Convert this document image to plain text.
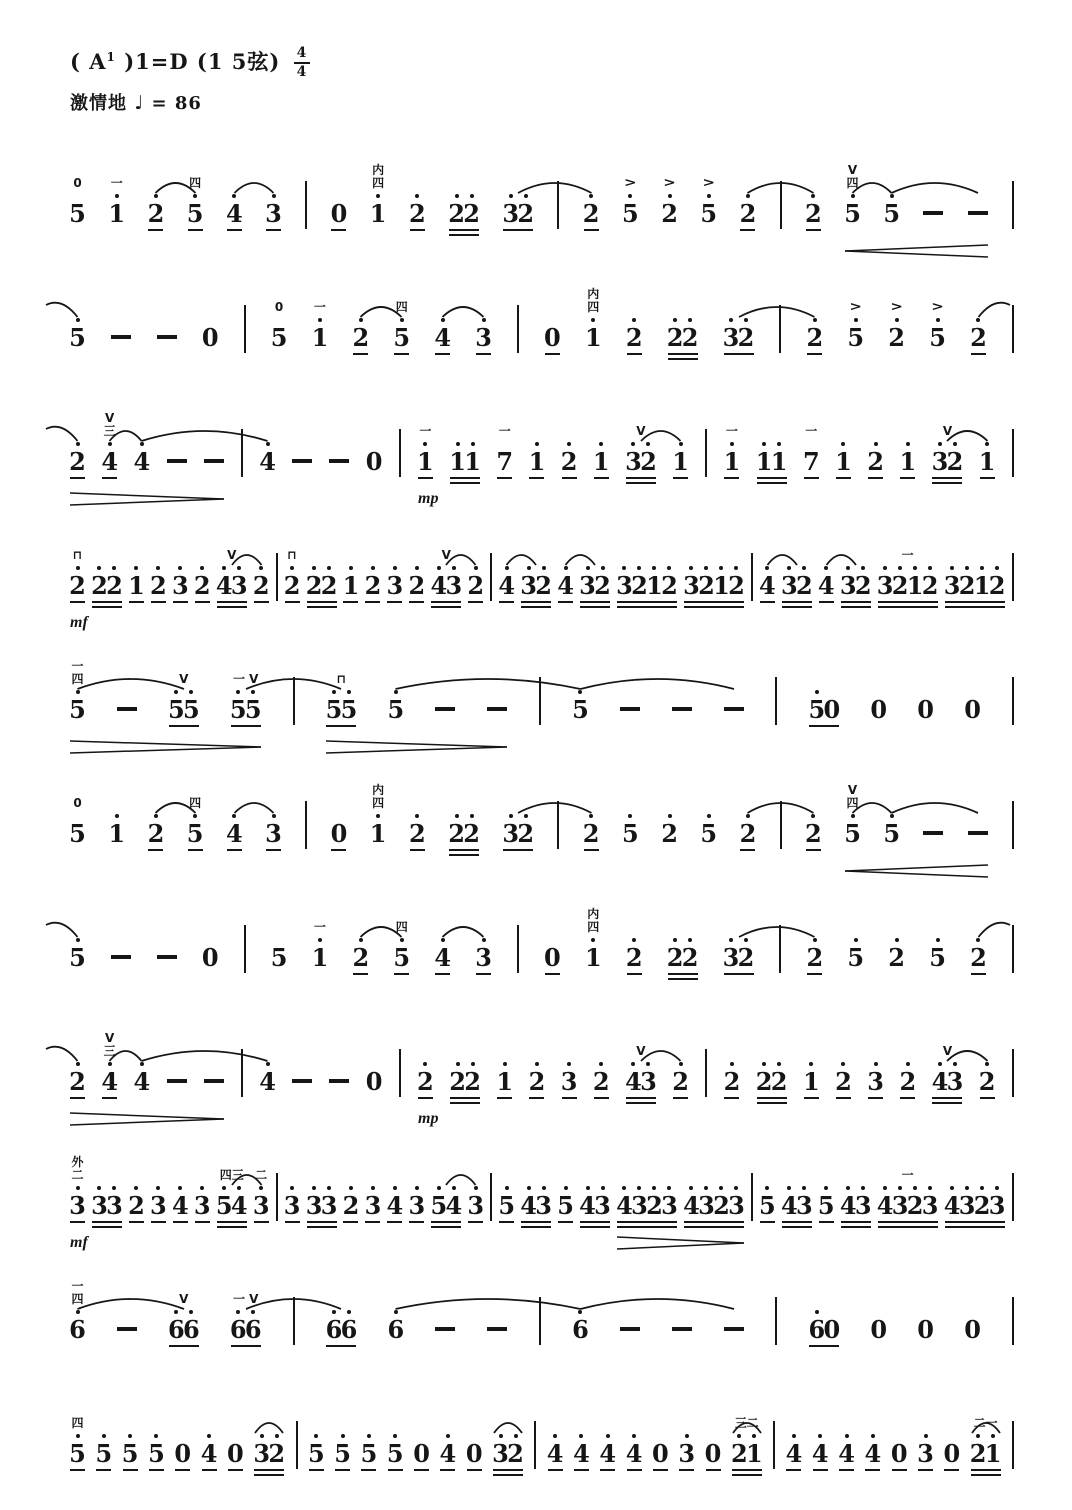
( $A^1$ )1=D (1 5弦) $\frac{4}{4}$
激情地 ♩ = 86
0
5
一
1 2
四
5 4 3 0
内
四
1 2 2
2 3
2 2
>
5
>
2
>
5 2 2
V
四
5 5
5	0
0
5
一
1 2
四
5 4 3 0
内
四
1 2 2
2 3
2 2
>
5
>
2
>
5 2
2
V
三
4 4	4	0
一
1 1
1
一
7 1 2 1
V
3
2 1
一
1 1
1
一
7 1 2 1
V
3
2 1
mp
⊓
2 2
2 1 2 3 2
V
4
3 2
⊓
2 2
2 1 2 3 2
V
4
3 2 4 3
2 4 3
2 3
2
1
2 3
2
1
2 4 3
2 4 3
2
一
3
2
1
2 3
2
1
2
mf
一
四
5
V
5
5
一 V
5
5
⊓
5
5 5	5	5
0 0 0 0
0
5 1 2
四
5 4 3 0
内
四
1 2 2
2 3
2 2 5 2 5 2 2
V
四
5 5
5	0 5
一
1 2
四
5 4 3 0
内
四
1 2 2
2 3
2 2 5 2 5 2
2
V
三
4 4	4	0 2 2
2 1 2 3 2
V
4
3 2 2 2
2 1 2 3 2
V
4
3 2
mp
外
二
3 3
3 2 3 4 3
四三
5
4
二
3 3 3
3 2 3 4 3 5
4 3 5 4
3 5 4
3 4
3
2
3 4
3
2
3 5 4
3 5 4
3
一
4
3
2
3 4
3
2
3
mf
一
四
6
V
6
6
一 V
6
6	6
6 6	6	6
0 0 0 0
四
5 5 5 5 0 4 0 3
2 5 5 5 5 0 4 0 3
2 4 4 4 4 0 3 0
三二
2
1 4 4 4 4 0 3 0
二一
2
1
